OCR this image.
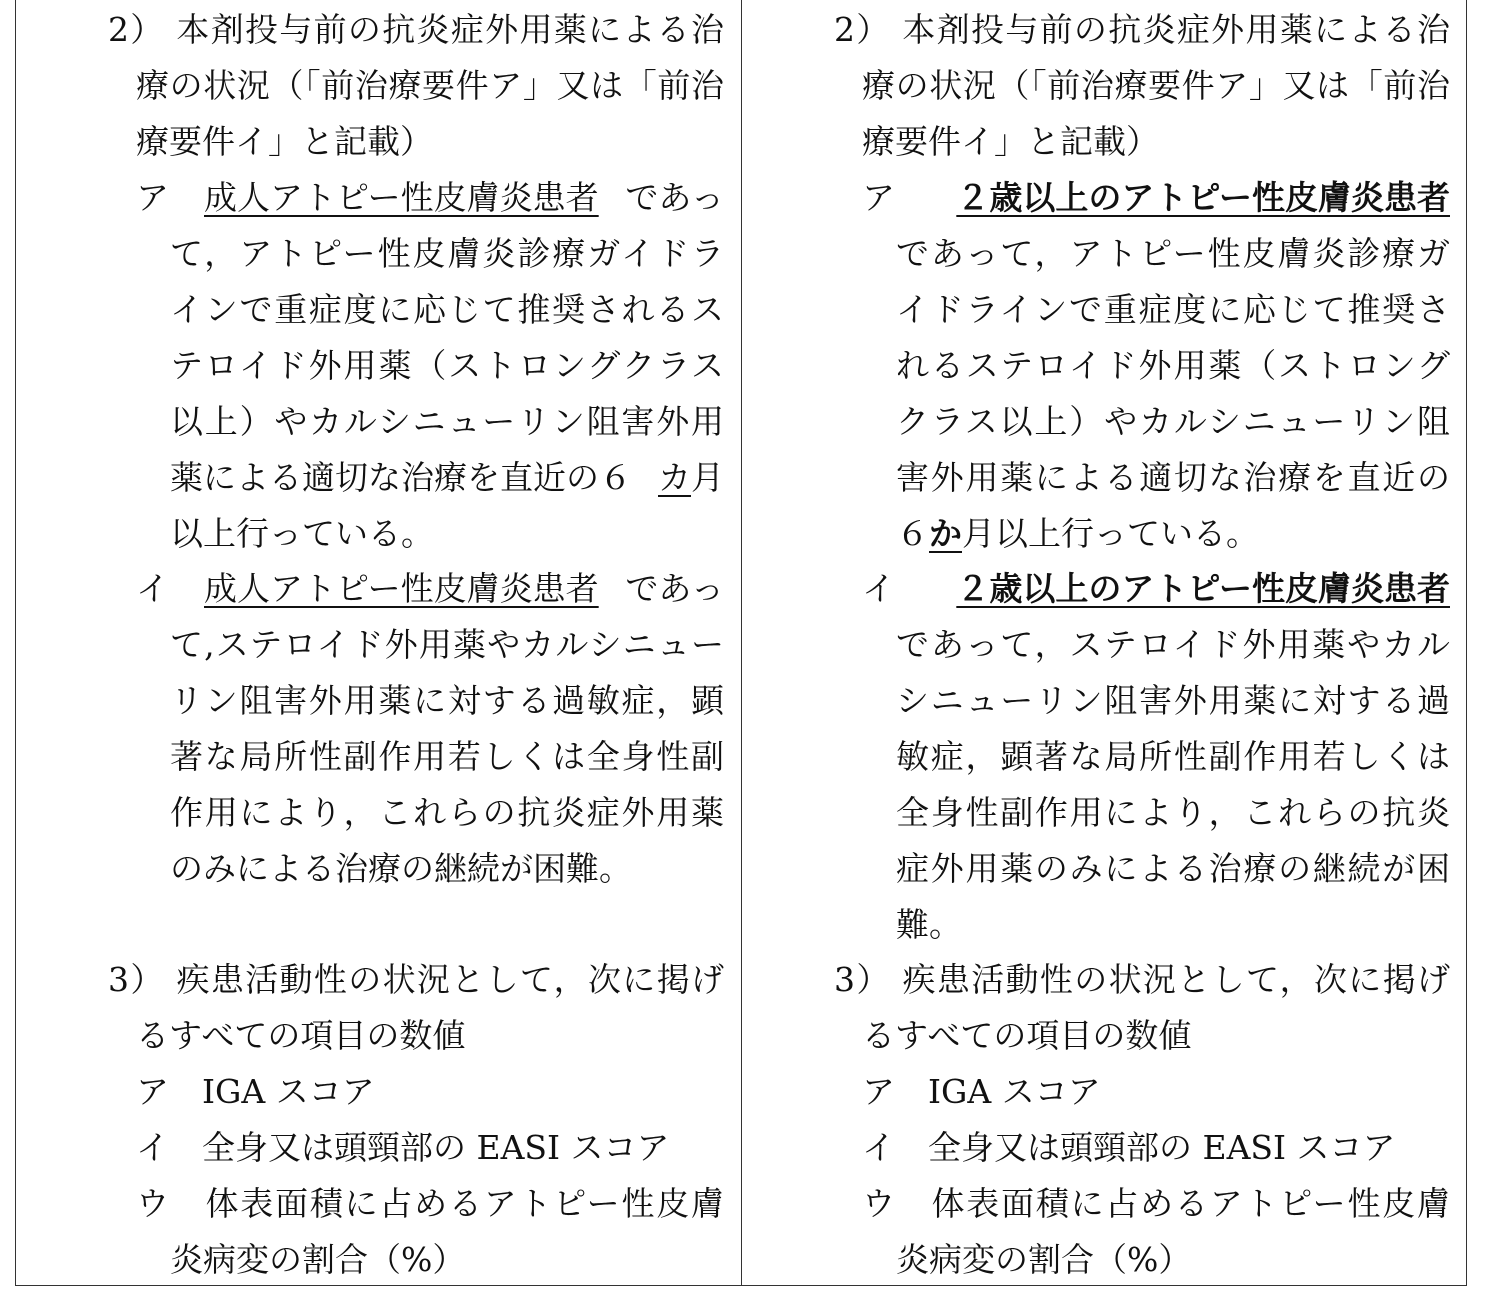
2） 本剤投与前の抗炎症外用薬による治

療の状況（「前治療要件ア」又は「前治

療要件イ」と記載）

ア 成人アトピー性皮膚炎患者 であっ

て，アトピー性皮膚炎診療ガイドラ

インで重症度に応じて推奨されるス

テロイド外用薬（ストロングクラス

以上）やカルシニューリン阻害外用

薬による適切な治療を直近の６ カ月

以上行っている。

イ 成人アトピー性皮膚炎患者 であっ

て,ステロイド外用薬やカルシニュー

リン阻害外用薬に対する過敏症，顕

著な局所性副作用若しくは全身性副

作用により，これらの抗炎症外用薬

のみによる治療の継続が困難。

3） 疾患活動性の状況として，次に掲げ

るすべての項目の数値

ア　IGA スコア

イ　全身又は頭頸部の EASI スコア

ウ　体表面積に占めるアトピー性皮膚

炎病変の割合（%）

2） 本剤投与前の抗炎症外用薬による治

療の状況（「前治療要件ア」又は「前治

療要件イ」と記載）

ア	２歳以上のアトピー性皮膚炎患者

であって，アトピー性皮膚炎診療ガ

イドラインで重症度に応じて推奨さ

れるステロイド外用薬（ストロング

クラス以上）やカルシニューリン阻

害外用薬による適切な治療を直近の

６か月以上行っている。

イ	２歳以上のアトピー性皮膚炎患者

であって，ステロイド外用薬やカル

シニューリン阻害外用薬に対する過

敏症，顕著な局所性副作用若しくは

全身性副作用により，これらの抗炎

症外用薬のみによる治療の継続が困

難。

3） 疾患活動性の状況として，次に掲げ

るすべての項目の数値

ア　IGA スコア

イ　全身又は頭頸部の EASI スコア

ウ　体表面積に占めるアトピー性皮膚

炎病変の割合（%）
